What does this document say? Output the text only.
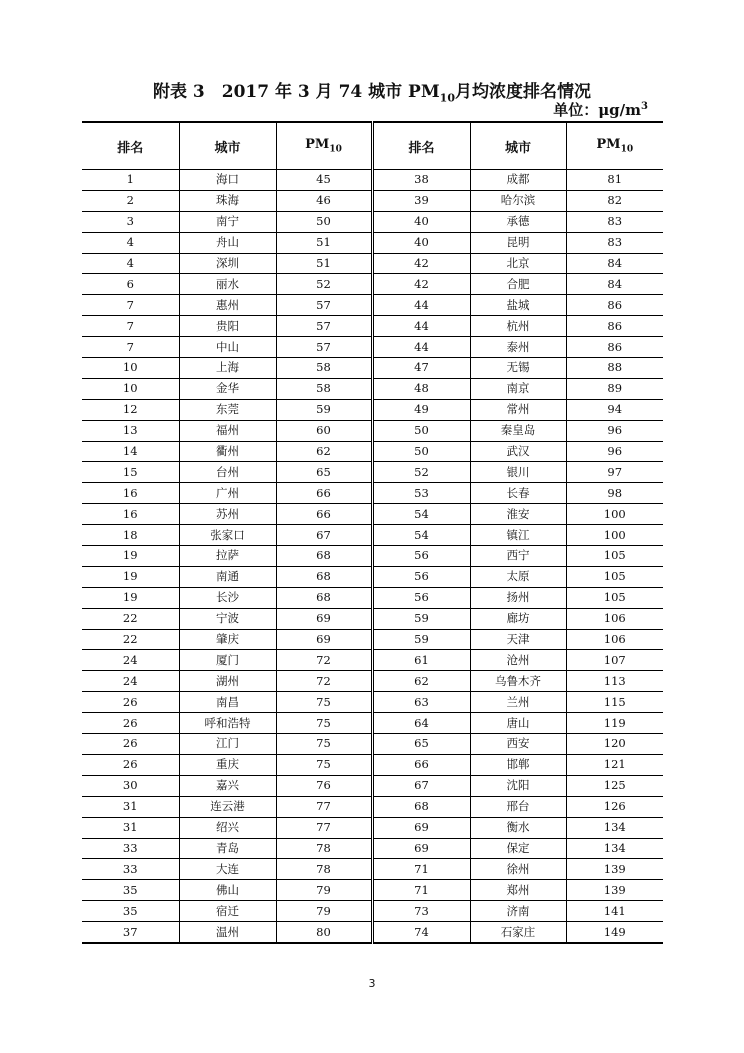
附表 3　2017 年 3 月 74 城市 $PM_{10}$月均浓度排名情况
单位：$\mu g/m^3$
排名	城市	$PM_{10}$	排名	城市	$PM_{10}$
1	海口	45	38	成都	81
2	珠海	46	39	哈尔滨	82
3	南宁	50	40	承德	83
4	舟山	51	40	昆明	83
4	深圳	51	42	北京	84
6	丽水	52	42	合肥	84
7	惠州	57	44	盐城	86
7	贵阳	57	44	杭州	86
7	中山	57	44	泰州	86
10	上海	58	47	无锡	88
10	金华	58	48	南京	89
12	东莞	59	49	常州	94
13	福州	60	50	秦皇岛	96
14	衢州	62	50	武汉	96
15	台州	65	52	银川	97
16	广州	66	53	长春	98
16	苏州	66	54	淮安	100
18	张家口	67	54	镇江	100
19	拉萨	68	56	西宁	105
19	南通	68	56	太原	105
19	长沙	68	56	扬州	105
22	宁波	69	59	廊坊	106
22	肇庆	69	59	天津	106
24	厦门	72	61	沧州	107
24	湖州	72	62	乌鲁木齐	113
26	南昌	75	63	兰州	115
26	呼和浩特	75	64	唐山	119
26	江门	75	65	西安	120
26	重庆	75	66	邯郸	121
30	嘉兴	76	67	沈阳	125
31	连云港	77	68	邢台	126
31	绍兴	77	69	衡水	134
33	青岛	78	69	保定	134
33	大连	78	71	徐州	139
35	佛山	79	71	郑州	139
35	宿迁	79	73	济南	141
37	温州	80	74	石家庄	149
3
